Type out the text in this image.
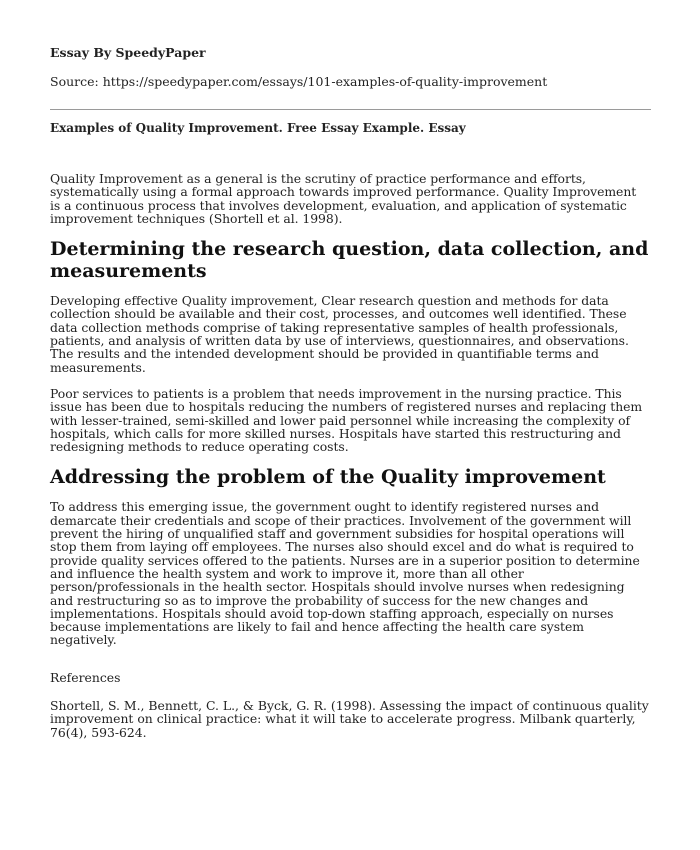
Essay By SpeedyPaper
Source: https://speedypaper.com/essays/101-examples-of-quality-improvement
Examples of Quality Improvement. Free Essay Example. Essay

Quality Improvement as a general is the scrutiny of practice performance and efforts, systematically using a formal approach towards improved performance. Quality Improvement is a continuous process that involves development, evaluation, and application of systematic improvement techniques (Shortell et al. 1998).

Determining the research question, data collection, and measurements

Developing effective Quality improvement, Clear research question and methods for data collection should be available and their cost, processes, and outcomes well identified. These data collection methods comprise of taking representative samples of health professionals, patients, and analysis of written data by use of interviews, questionnaires, and observations. The results and the intended development should be provided in quantifiable terms and measurements.

Poor services to patients is a problem that needs improvement in the nursing practice. This issue has been due to hospitals reducing the numbers of registered nurses and replacing them with lesser-trained, semi-skilled and lower paid personnel while increasing the complexity of hospitals, which calls for more skilled nurses. Hospitals have started this restructuring and redesigning methods to reduce operating costs.

Addressing the problem of the Quality improvement

To address this emerging issue, the government ought to identify registered nurses and demarcate their credentials and scope of their practices. Involvement of the government will prevent the hiring of unqualified staff and government subsidies for hospital operations will stop them from laying off employees. The nurses also should excel and do what is required to provide quality services offered to the patients. Nurses are in a superior position to determine and influence the health system and work to improve it, more than all other person/professionals in the health sector. Hospitals should involve nurses when redesigning and restructuring so as to improve the probability of success for the new changes and implementations. Hospitals should avoid top-down staffing approach, especially on nurses because implementations are likely to fail and hence affecting the health care system negatively.

References
Shortell, S. M., Bennett, C. L., & Byck, G. R. (1998). Assessing the impact of continuous quality improvement on clinical practice: what it will take to accelerate progress. Milbank quarterly, 76(4), 593-624.
